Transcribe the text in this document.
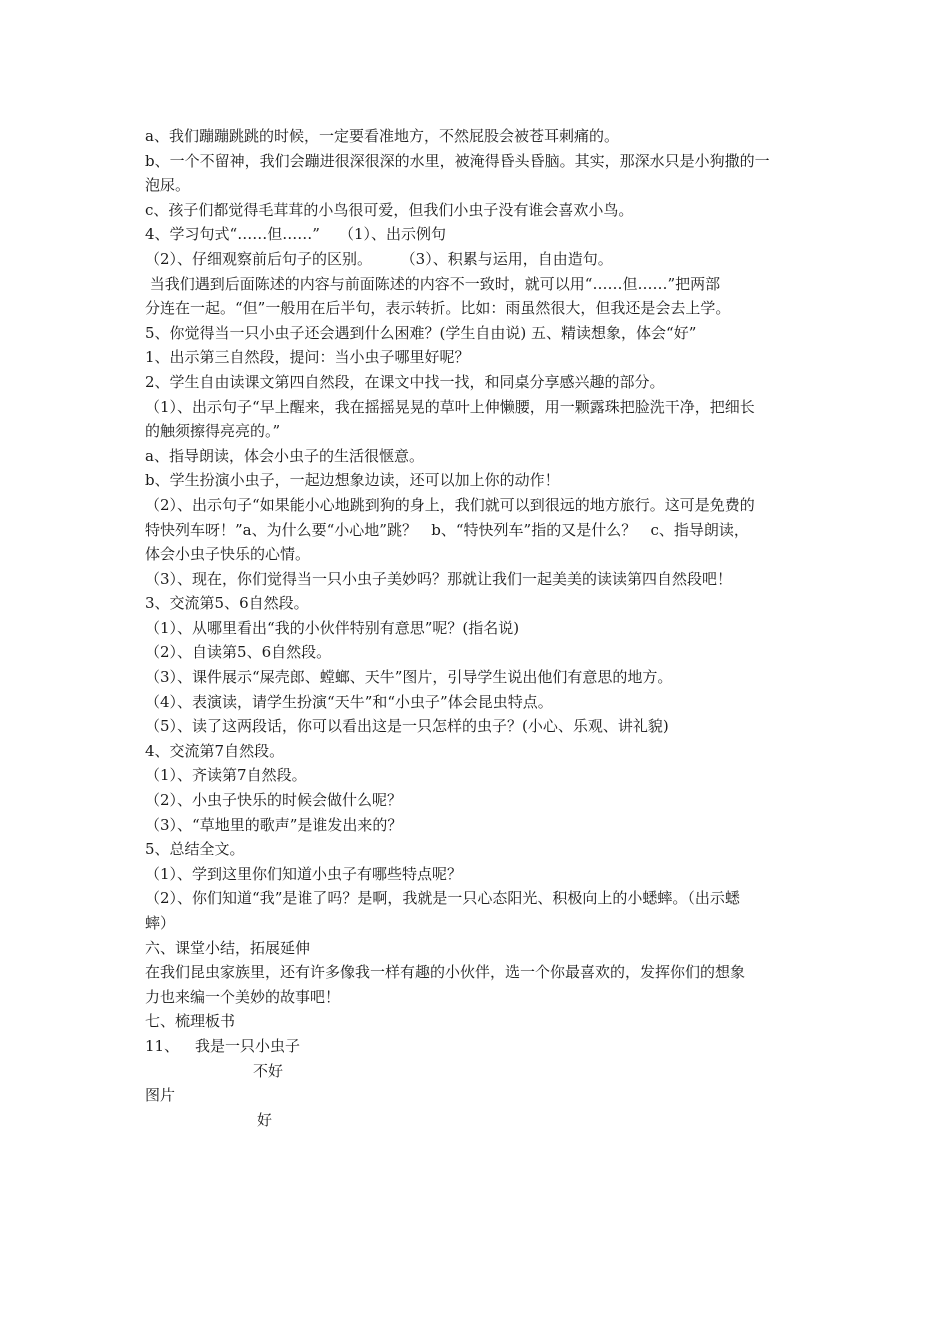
a、我们蹦蹦跳跳的时候，一定要看准地方，不然屁股会被苍耳刺痛的。
b、一个不留神，我们会蹦进很深很深的水里，被淹得昏头昏脑。其实，那深水只是小狗撒的一
泡尿。
c、孩子们都觉得毛茸茸的小鸟很可爱，但我们小虫子没有谁会喜欢小鸟。
4、学习句式“……但……”    （1）、出示例句
（2）、仔细观察前后句子的区别。      （3）、积累与运用，自由造句。
当我们遇到后面陈述的内容与前面陈述的内容不一致时，就可以用“……但……”把两部
分连在一起。“但”一般用在后半句，表示转折。比如：雨虽然很大，但我还是会去上学。
5、你觉得当一只小虫子还会遇到什么困难？(学生自由说) 五、精读想象，体会“好”
1、出示第三自然段，提问：当小虫子哪里好呢？
2、学生自由读课文第四自然段，在课文中找一找，和同桌分享感兴趣的部分。
（1）、出示句子“早上醒来，我在摇摇晃晃的草叶上伸懒腰，用一颗露珠把脸洗干净，把细长
的触须擦得亮亮的。”
a、指导朗读，体会小虫子的生活很惬意。
b、学生扮演小虫子，一起边想象边读，还可以加上你的动作！
（2）、出示句子“如果能小心地跳到狗的身上，我们就可以到很远的地方旅行。这可是免费的
特快列车呀！”a、为什么要“小心地”跳？   b、“特快列车”指的又是什么？   c、指导朗读，
体会小虫子快乐的心情。
（3）、现在，你们觉得当一只小虫子美妙吗？那就让我们一起美美的读读第四自然段吧！
3、交流第5、6自然段。
（1）、从哪里看出“我的小伙伴特别有意思”呢？(指名说)
（2）、自读第5、6自然段。
（3）、课件展示“屎壳郎、螳螂、天牛”图片，引导学生说出他们有意思的地方。
（4）、表演读，请学生扮演“天牛”和“小虫子”体会昆虫特点。
（5）、读了这两段话，你可以看出这是一只怎样的虫子？(小心、乐观、讲礼貌)
4、交流第7自然段。
（1）、齐读第7自然段。
（2）、小虫子快乐的时候会做什么呢？
（3）、“草地里的歌声”是谁发出来的？
5、总结全文。
（1）、学到这里你们知道小虫子有哪些特点呢？
（2）、你们知道“我”是谁了吗？是啊，我就是一只心态阳光、积极向上的小蟋蟀。（出示蟋
蟀）
六、课堂小结，拓展延伸
在我们昆虫家族里，还有许多像我一样有趣的小伙伴，选一个你最喜欢的，发挥你们的想象
力也来编一个美妙的故事吧！
七、梳理板书
11、 我是一只小虫子
不好
图片
好
